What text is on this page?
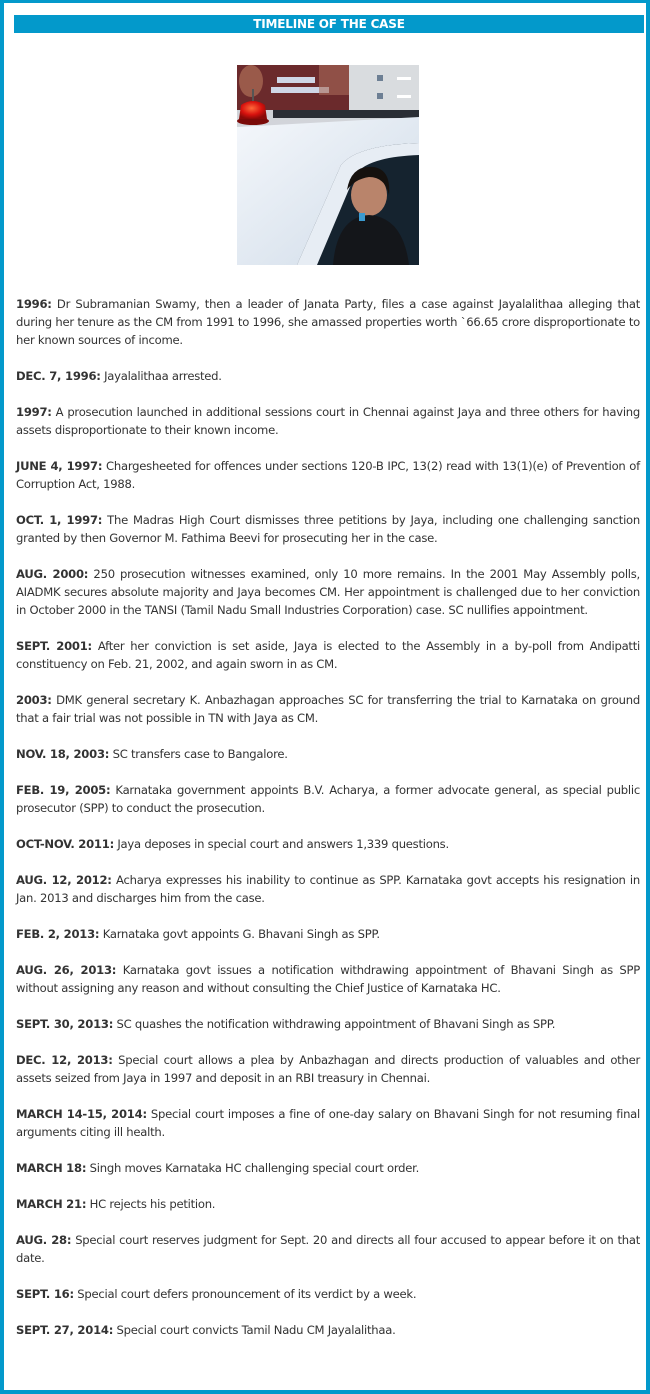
TIMELINE OF THE CASE

1996: Dr Subramanian Swamy, then a leader of Janata Party, files a case against Jayalalithaa alleging that during her tenure as the CM from 1991 to 1996, she amassed properties worth `66.65 crore disproportionate to her known sources of income.

DEC. 7, 1996: Jayalalithaa arrested.

1997: A prosecution launched in additional sessions court in Chennai against Jaya and three others for having assets disproportionate to their known income.

JUNE 4, 1997: Chargesheeted for offences under sections 120-B IPC, 13(2) read with 13(1)(e) of Prevention of Corruption Act, 1988.

OCT. 1, 1997: The Madras High Court dismisses three petitions by Jaya, including one challenging sanction granted by then Governor M. Fathima Beevi for prosecuting her in the case.

AUG. 2000: 250 prosecution witnesses examined, only 10 more remains. In the 2001 May Assembly polls, AIADMK secures absolute majority and Jaya becomes CM. Her appointment is challenged due to her conviction in October 2000 in the TANSI (Tamil Nadu Small Industries Corporation) case. SC nullifies appointment.

SEPT. 2001: After her conviction is set aside, Jaya is elected to the Assembly in a by-poll from Andipatti constituency on Feb. 21, 2002, and again sworn in as CM.

2003: DMK general secretary K. Anbazhagan approaches SC for transferring the trial to Karnataka on ground that a fair trial was not possible in TN with Jaya as CM.

NOV. 18, 2003: SC transfers case to Bangalore.

FEB. 19, 2005: Karnataka government appoints B.V. Acharya, a former advocate general, as special public prosecutor (SPP) to conduct the prosecution.

OCT-NOV. 2011: Jaya deposes in special court and answers 1,339 questions.

AUG. 12, 2012: Acharya expresses his inability to continue as SPP. Karnataka govt accepts his resignation in Jan. 2013 and discharges him from the case.

FEB. 2, 2013: Karnataka govt appoints G. Bhavani Singh as SPP.

AUG. 26, 2013: Karnataka govt issues a notification withdrawing appointment of Bhavani Singh as SPP without assigning any reason and without consulting the Chief Justice of Karnataka HC.

SEPT. 30, 2013: SC quashes the notification withdrawing appointment of Bhavani Singh as SPP.

DEC. 12, 2013: Special court allows a plea by Anbazhagan and directs production of valuables and other assets seized from Jaya in 1997 and deposit in an RBI treasury in Chennai.

MARCH 14-15, 2014: Special court imposes a fine of one-day salary on Bhavani Singh for not resuming final arguments citing ill health.

MARCH 18: Singh moves Karnataka HC challenging special court order.

MARCH 21: HC rejects his petition.

AUG. 28: Special court reserves judgment for Sept. 20 and directs all four accused to appear before it on that date.

SEPT. 16: Special court defers pronouncement of its verdict by a week.

SEPT. 27, 2014: Special court convicts Tamil Nadu CM Jayalalithaa.
